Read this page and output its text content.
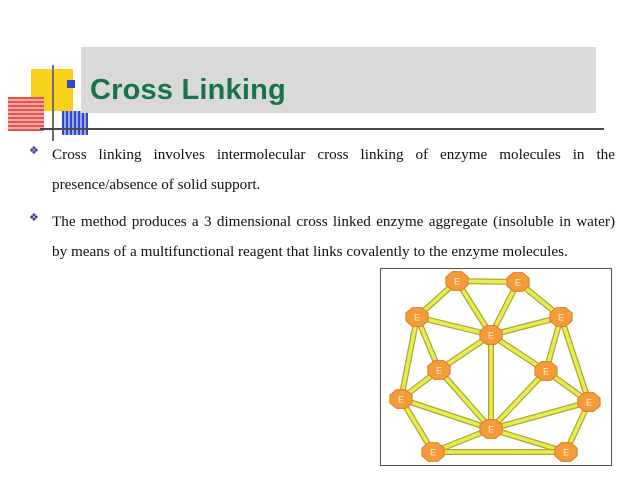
Cross Linking
❖ Cross linking involves intermolecular cross linking of enzyme molecules in the presence/absence of solid support.
❖ The method produces a 3 dimensional cross linked enzyme aggregate (insoluble in water) by means of a multifunctional reagent that links covalently to the enzyme molecules.
E	E
E
E
E
E	E
E	E
E
E	E
